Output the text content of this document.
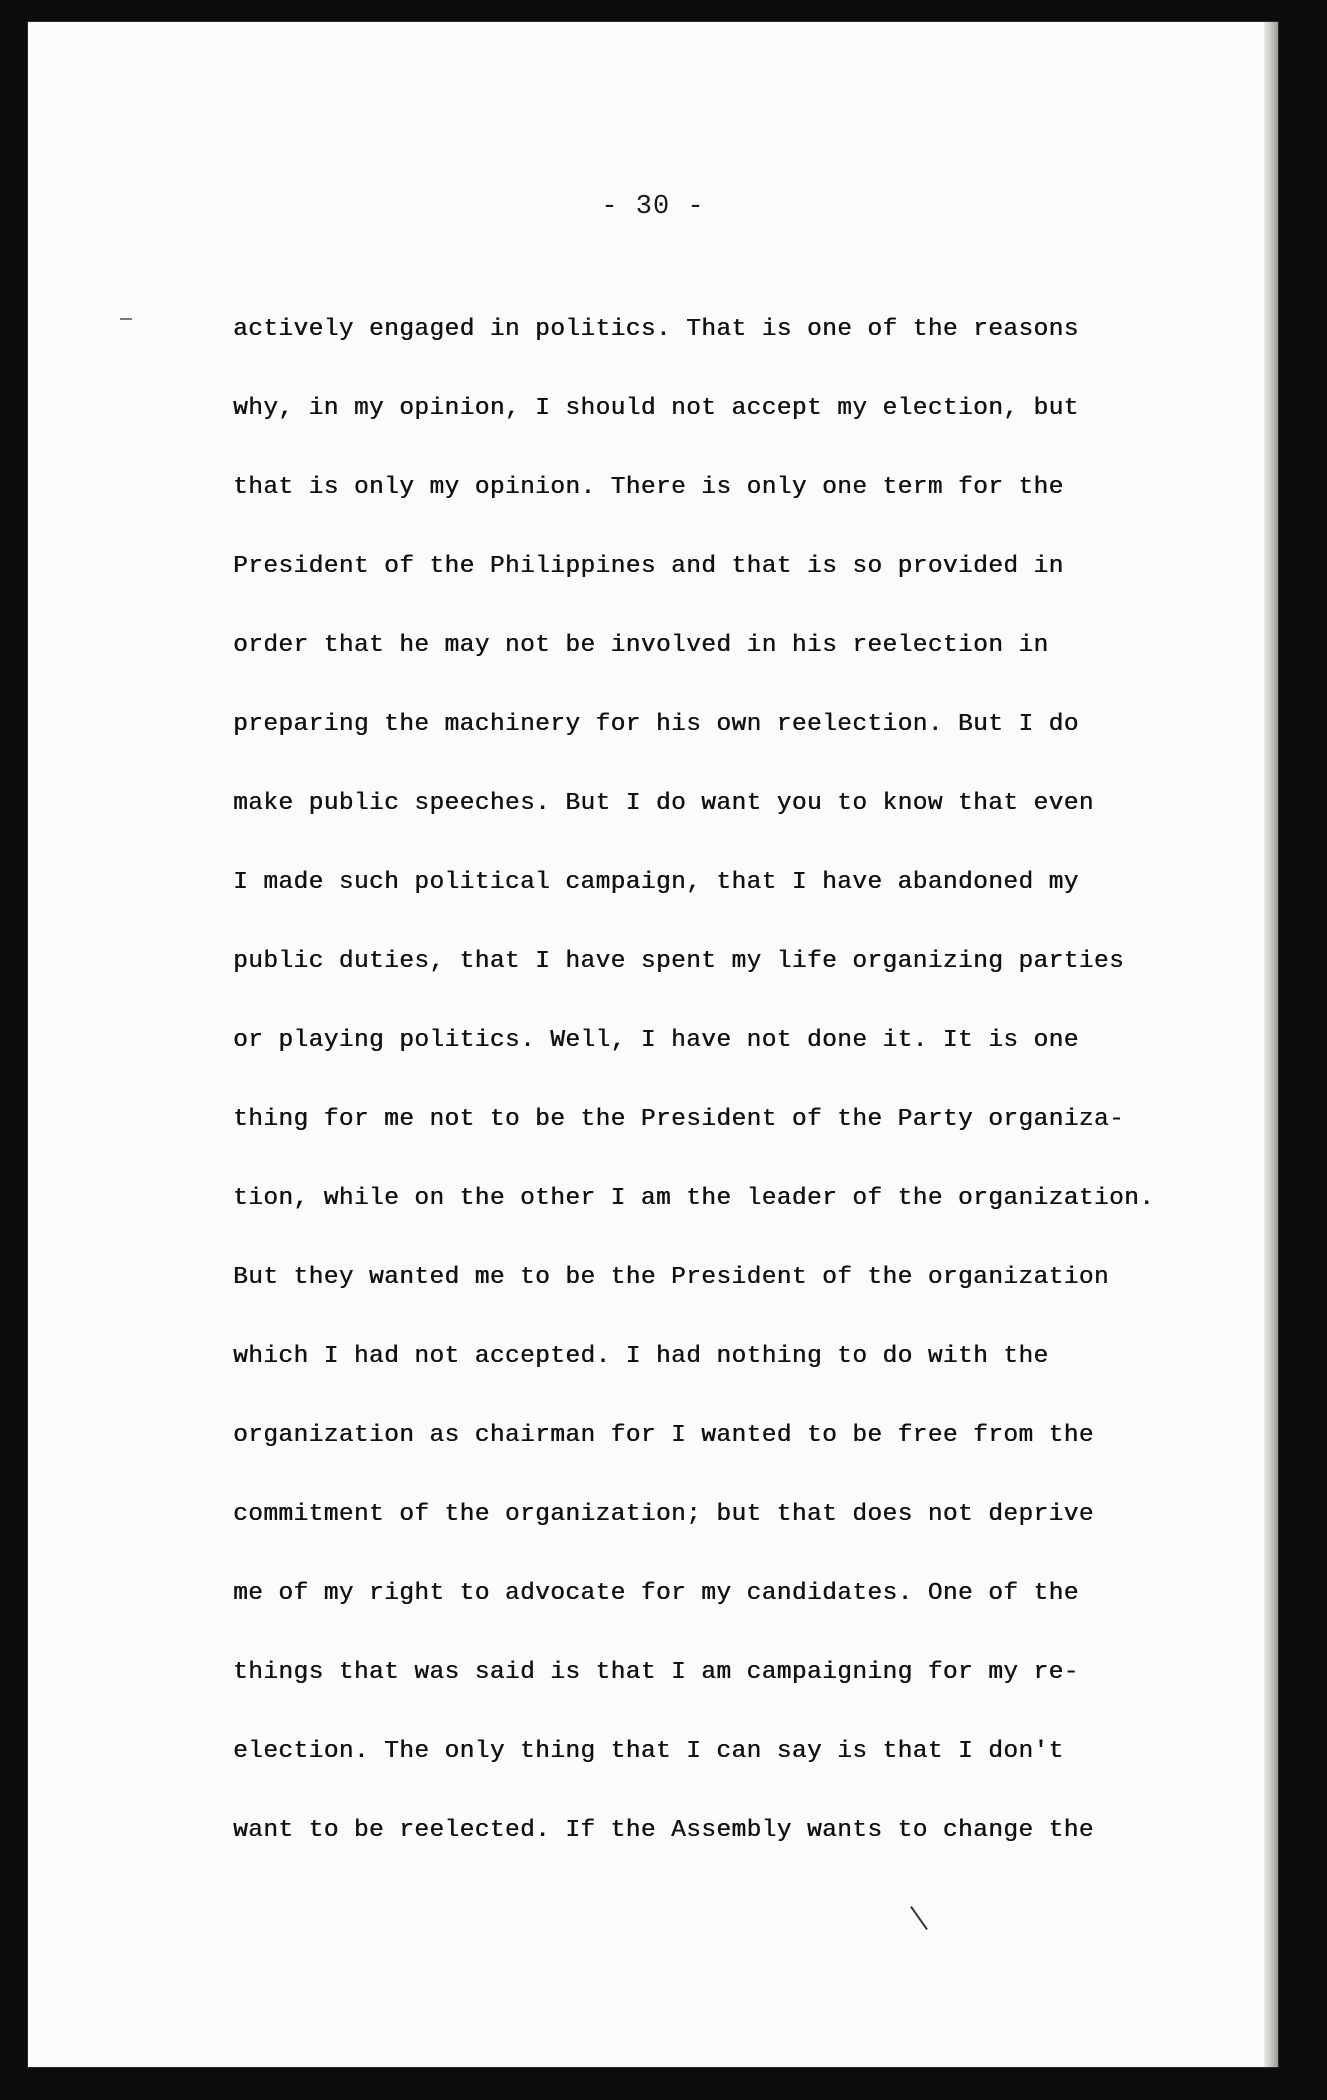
- 30 -
actively engaged in politics. That is one of the reasons
why, in my opinion, I should not accept my election, but
that is only my opinion. There is only one term for the
President of the Philippines and that is so provided in
order that he may not be involved in his reelection in
preparing the machinery for his own reelection. But I do
make public speeches. But I do want you to know that even
I made such political campaign, that I have abandoned my
public duties, that I have spent my life organizing parties
or playing politics. Well, I have not done it. It is one
thing for me not to be the President of the Party organiza-
tion, while on the other I am the leader of the organization.
But they wanted me to be the President of the organization
which I had not accepted. I had nothing to do with the
organization as chairman for I wanted to be free from the
commitment of the organization; but that does not deprive
me of my right to advocate for my candidates. One of the
things that was said is that I am campaigning for my re-
election. The only thing that I can say is that I don't
want to be reelected. If the Assembly wants to change the
